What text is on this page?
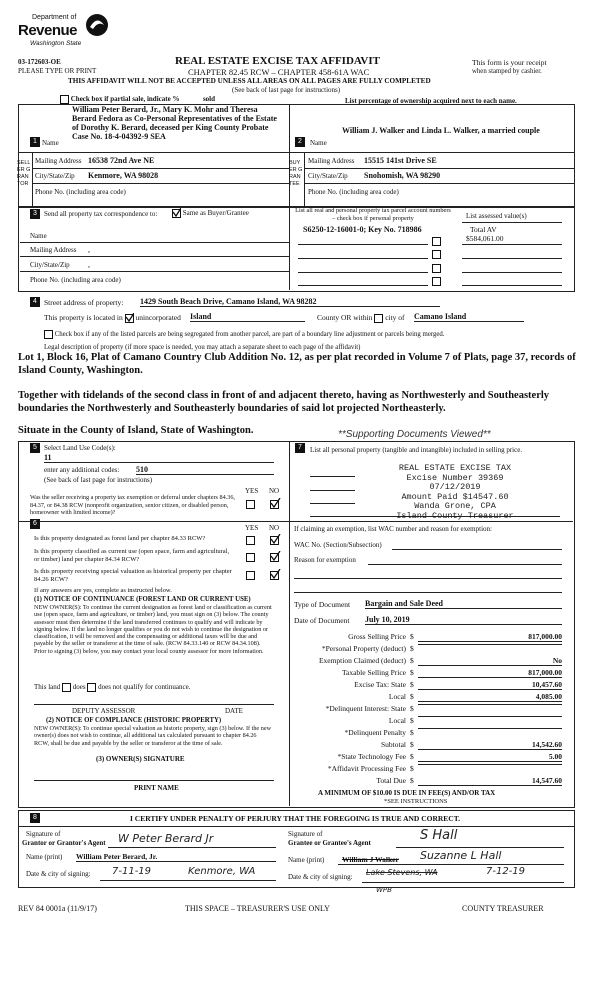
Department of
Revenue
Washington State
03-172603-OE
PLEASE TYPE OR PRINT
REAL ESTATE EXCISE TAX AFFIDAVIT
CHAPTER 82.45 RCW – CHAPTER 458-61A WAC
THIS AFFIDAVIT WILL NOT BE ACCEPTED UNLESS ALL AREAS ON ALL PAGES ARE FULLY COMPLETED
(See back of last page for instructions)
This form is your receipt
when stamped by cashier.
Check box if partial sale, indicate %	sold	List percentage of ownership acquired next to each name.
1 Name
William Peter Berard, Jr., Mary K. Mohr and Theresa Berard Fedora as Co-Personal Representatives of the Estate of Dorothy K. Berard, deceased per King County Probate Case No. 18-4-04392-9 SEA
SELLER GRANTOR
Mailing Address 16538 72nd Ave NE
City/State/Zip Kenmore, WA 98028
Phone No. (including area code)
2	Name
William J. Walker and Linda L. Walker, a married couple
BUYER GRANTEE
Mailing Address 15515 141st Drive SE
City/State/Zip Snohomish, WA 98290
Phone No. (including area code)
3	Send all property tax correspondence to:	Same as Buyer/Grantee
Name
Mailing Address ,
City/State/Zip ,
Phone No. (including area code)
List all real and personal property tax parcel account numbers – check box if personal property	List assessed value(s)
S6250-12-16001-0; Key No. 718986	Total AV
$584,061.00
4 Street address of property: 1429 South Beach Drive, Camano Island, WA 98282
This property is located in unincorporated Island	County OR within city of Camano Island
Check box if any of the listed parcels are being segregated from another parcel, are part of a boundary line adjustment or parcels being merged.
Legal description of property (if more space is needed, you may attach a separate sheet to each page of the affidavit)
Lot 1, Block 16, Plat of Camano Country Club Addition No. 12, as per plat recorded in Volume 7 of Plats, page 37, records of Island County, Washington.
Together with tidelands of the second class in front of and adjacent thereto, having as Northwesterly and Southeasterly boundaries the Northwesterly and Southeasterly boundaries of said lot projected Northeasterly.
Situate in the County of Island, State of Washington.	**Supporting Documents Viewed**
5	Select Land Use Code(s):
11
enter any additional codes: 510
(See back of last page for instructions)
YES NO
Was the seller receiving a property tax exemption or deferral under chapters 84.36, 84.37, or 84.38 RCW (nonprofit organization, senior citizen, or disabled person, homeowner with limited income)?
6
YES NO
Is this property designated as forest land per chapter 84.33 RCW?
Is this property classified as current use (open space, farm and agricultural, or timber) land per chapter 84.34 RCW?
Is this property receiving special valuation as historical property per chapter 84.26 RCW?
If any answers are yes, complete as instructed below.
(1) NOTICE OF CONTINUANCE (FOREST LAND OR CURRENT USE)
NEW OWNER(S): To continue the current designation as forest land or classification as current use (open space, farm and agriculture, or timber) land, you must sign on (3) below. The county assessor must then determine if the land transferred continues to qualify and will indicate by signing below. If the land no longer qualifies or you do not wish to continue the designation or classification, it will be removed and the compensating or additional taxes will be due and payable by the seller or transferor at the time of sale. (RCW 84.33.140 or RCW 84.34.108). Prior to signing (3) below, you may contact your local county assessor for more information.
This land does does not qualify for continuance.
DEPUTY ASSESSOR	DATE
(2) NOTICE OF COMPLIANCE (HISTORIC PROPERTY)
NEW OWNER(S): To continue special valuation as historic property, sign (3) below. If the new owner(s) does not wish to continue, all additional tax calculated pursuant to chapter 84.26 RCW, shall be due and payable by the seller or transferor at the time of sale.
(3) OWNER(S) SIGNATURE
PRINT NAME
7	List all personal property (tangible and intangible) included in selling price.
REAL ESTATE EXCISE TAX
Excise Number 39369
07/12/2019
Amount Paid $14547.60
Wanda Grone, CPA
Island County Treasurer
If claiming an exemption, list WAC number and reason for exemption:
WAC No. (Section/Subsection)
Reason for exemption
Type of Document Bargain and Sale Deed
Date of Document July 10, 2019
Gross Selling Price $	817,000.00
*Personal Property (deduct) $
Exemption Claimed (deduct) $	No
Taxable Selling Price $	817,000.00
Excise Tax: State $	10,457.60
Local $	4,085.00
*Delinquent Interest: State $
Local $
*Delinquent Penalty $
Subtotal $	14,542.60
*State Technology Fee $	5.00
*Affidavit Processing Fee $
Total Due $	14,547.60
A MINIMUM OF $10.00 IS DUE IN FEE(S) AND/OR TAX
*SEE INSTRUCTIONS
8	I CERTIFY UNDER PENALTY OF PERJURY THAT THE FOREGOING IS TRUE AND CORRECT.
Signature of
Grantor or Grantor's Agent W Peter Berard Jr
Name (print) William Peter Berard, Jr.
Date & city of signing: 7-11-19	Kenmore, WA
Signature of
Grantee or Grantee's Agent	S Hall
Name (print) William J Walker Suzanne L Hall
Date & city of signing: Lake Stevens, WA	7-12-19
WPB
REV 84 0001a (11/9/17)	THIS SPACE – TREASURER'S USE ONLY	COUNTY TREASURER
